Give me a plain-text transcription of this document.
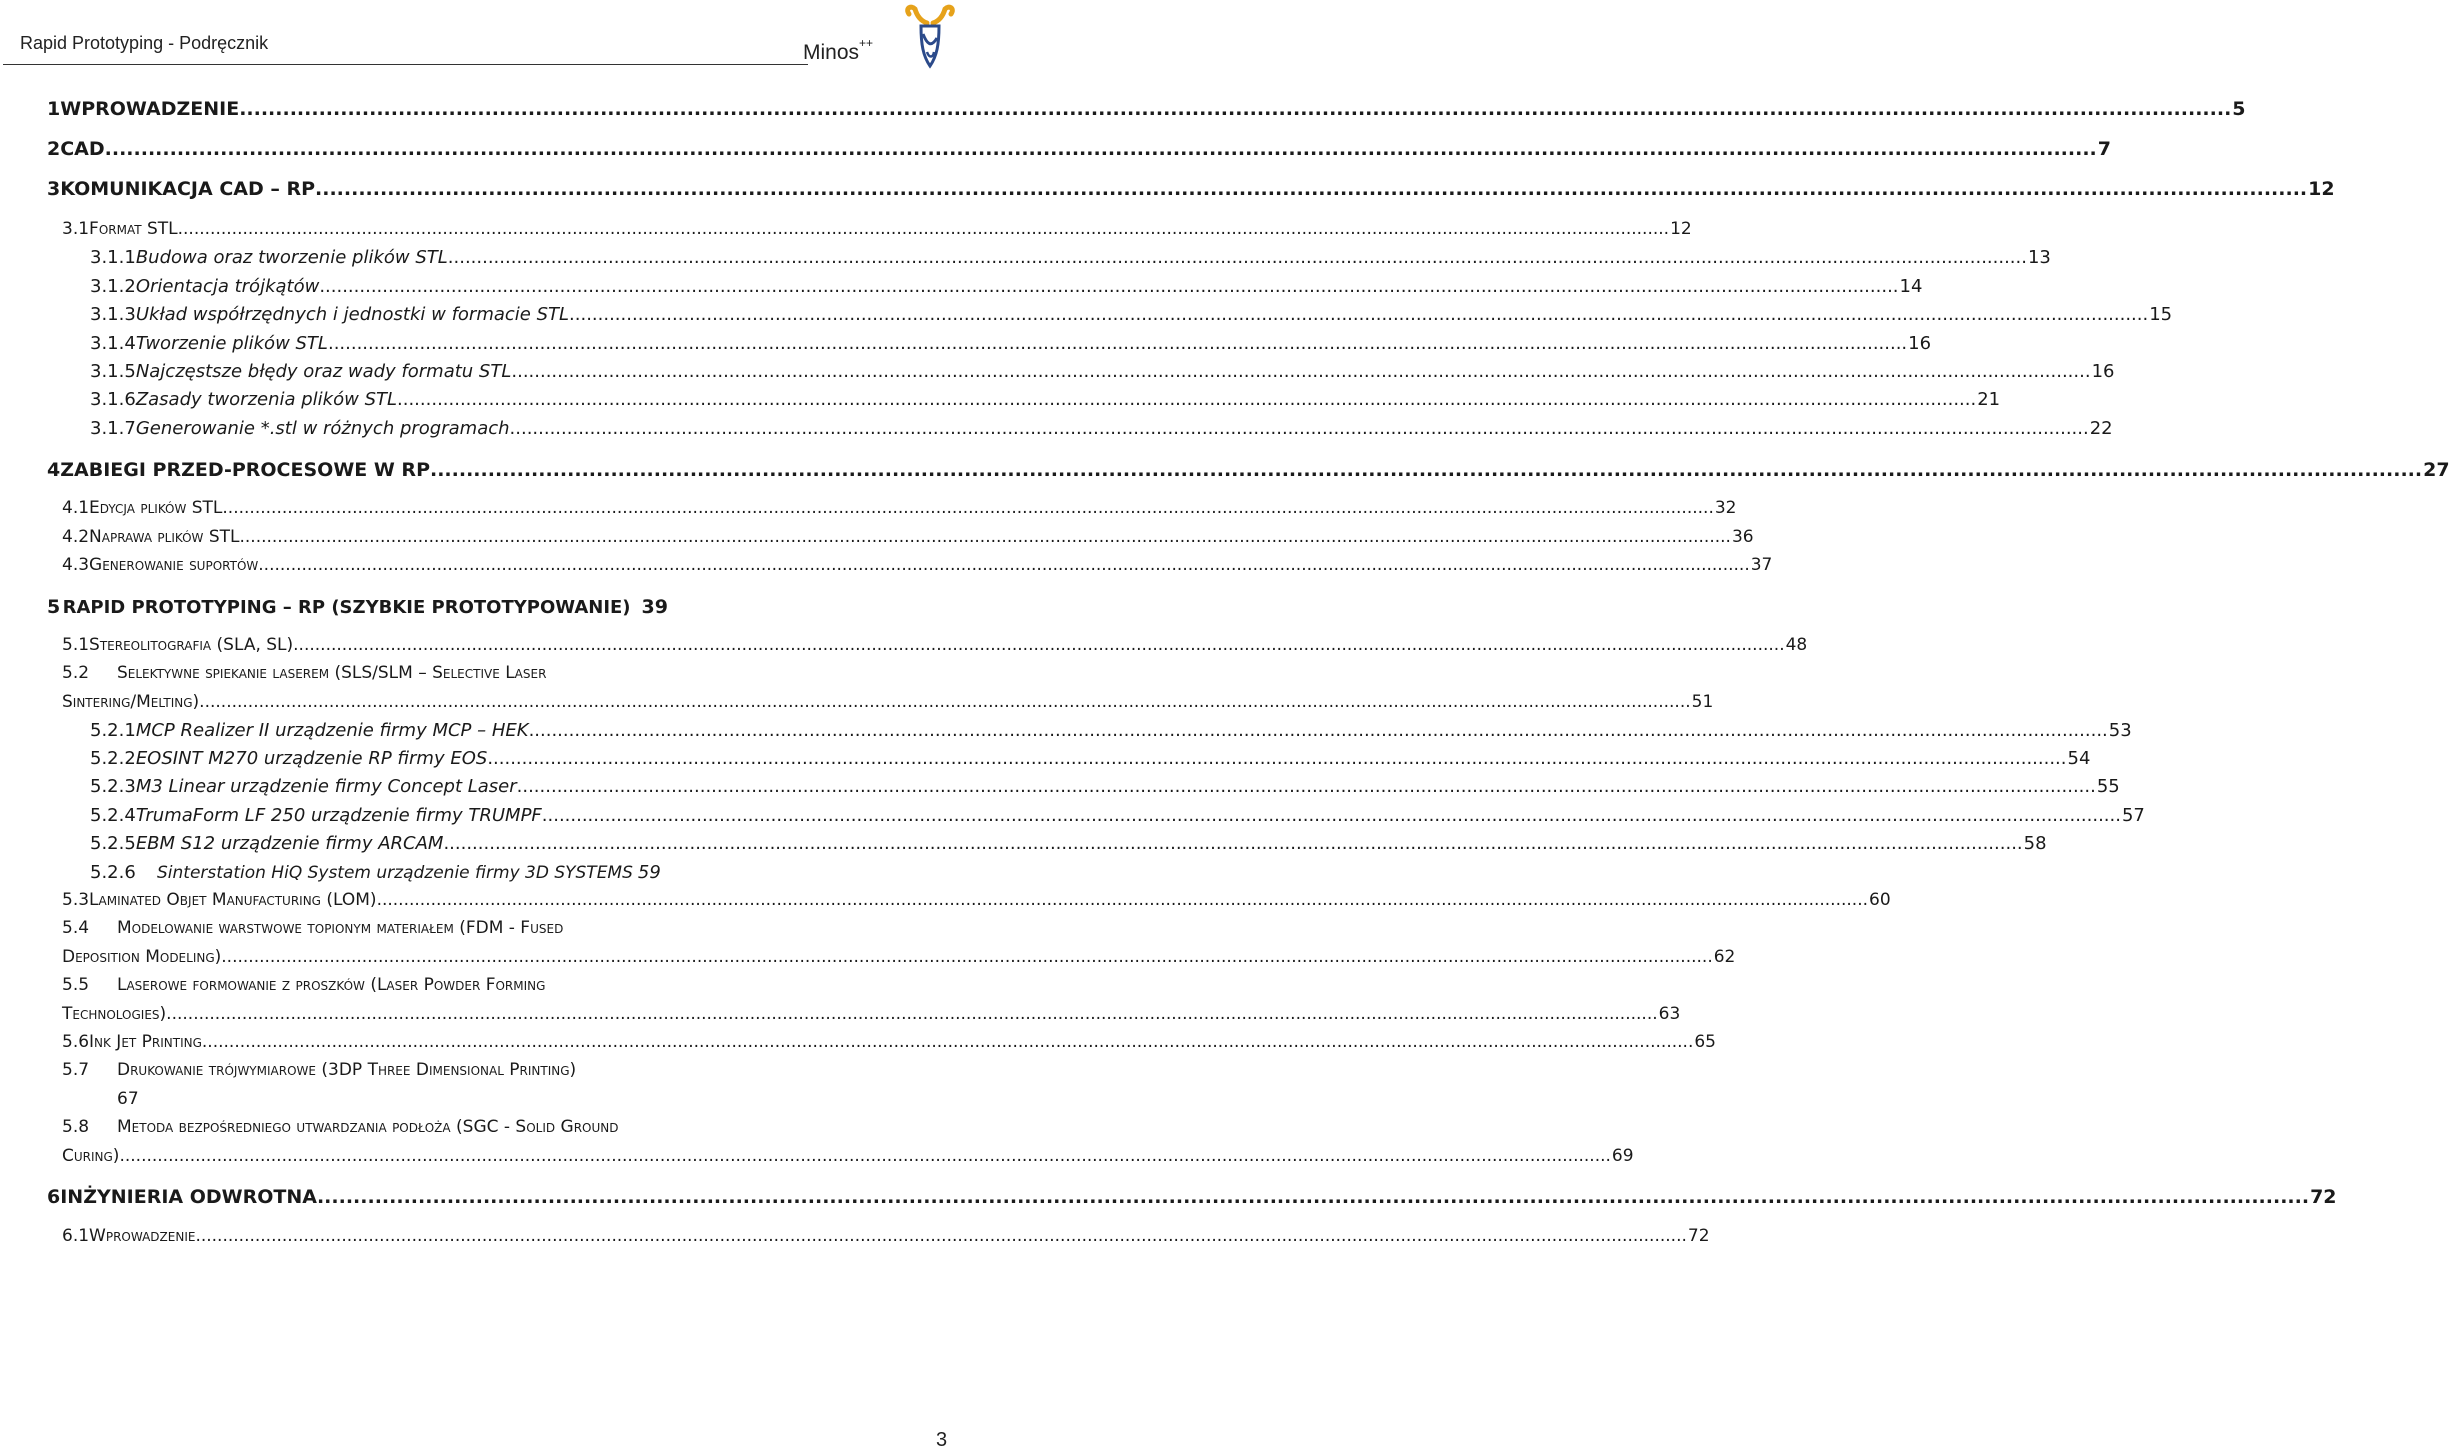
Rapid Prototyping - Podręcznik	Minos++
1 WPROWADZENIE .....	5
2 CAD .....	7
3 KOMUNIKACJA CAD – RP .....	12
3.1 Format STL .....	12
3.1.1 Budowa oraz tworzenie plików STL .....	13
3.1.2 Orientacja trójkątów .....	14
3.1.3 Układ współrzędnych i jednostki w formacie STL .....	15
3.1.4 Tworzenie plików STL .....	16
3.1.5 Najczęstsze błędy oraz wady formatu STL .....	16
3.1.6 Zasady tworzenia plików STL .....	21
3.1.7 Generowanie *.stl w różnych programach .....	22
4 ZABIEGI PRZED-PROCESOWE W RP .....	27
4.1 Edycja plików STL .....	32
4.2 Naprawa plików STL .....	36
4.3 Generowanie suportów .....	37
5 RAPID PROTOTYPING – RP (SZYBKIE PROTOTYPOWANIE) 39
5.1 Stereolitografia (SLA, SL) .....	48
5.2 Selektywne spiekanie laserem (SLS/SLM – Selective Laser
Sintering/Melting) .....	51
5.2.1 MCP Realizer II urządzenie firmy MCP – HEK .....	53
5.2.2 EOSINT M270 urządzenie RP firmy EOS .....	54
5.2.3 M3 Linear urządzenie firmy Concept Laser .....	55
5.2.4 TrumaForm LF 250 urządzenie firmy TRUMPF .....	57
5.2.5 EBM S12 urządzenie firmy ARCAM .....	58
5.2.6	Sinterstation HiQ System urządzenie firmy 3D SYSTEMS 59
5.3 Laminated Objet Manufacturing (LOM) .....	60
5.4 Modelowanie warstwowe topionym materiałem (FDM - Fused
Deposition Modeling) .....	62
5.5 Laserowe formowanie z proszków (Laser Powder Forming
Technologies) .....	63
5.6 Ink Jet Printing .....	65
5.7 Drukowanie trójwymiarowe (3DP Three Dimensional Printing)
67
5.8 Metoda bezpośredniego utwardzania podłoża (SGC - Solid Ground
Curing) .....	69
6 INŻYNIERIA ODWROTNA .....	72
6.1 Wprowadzenie .....	72
3
